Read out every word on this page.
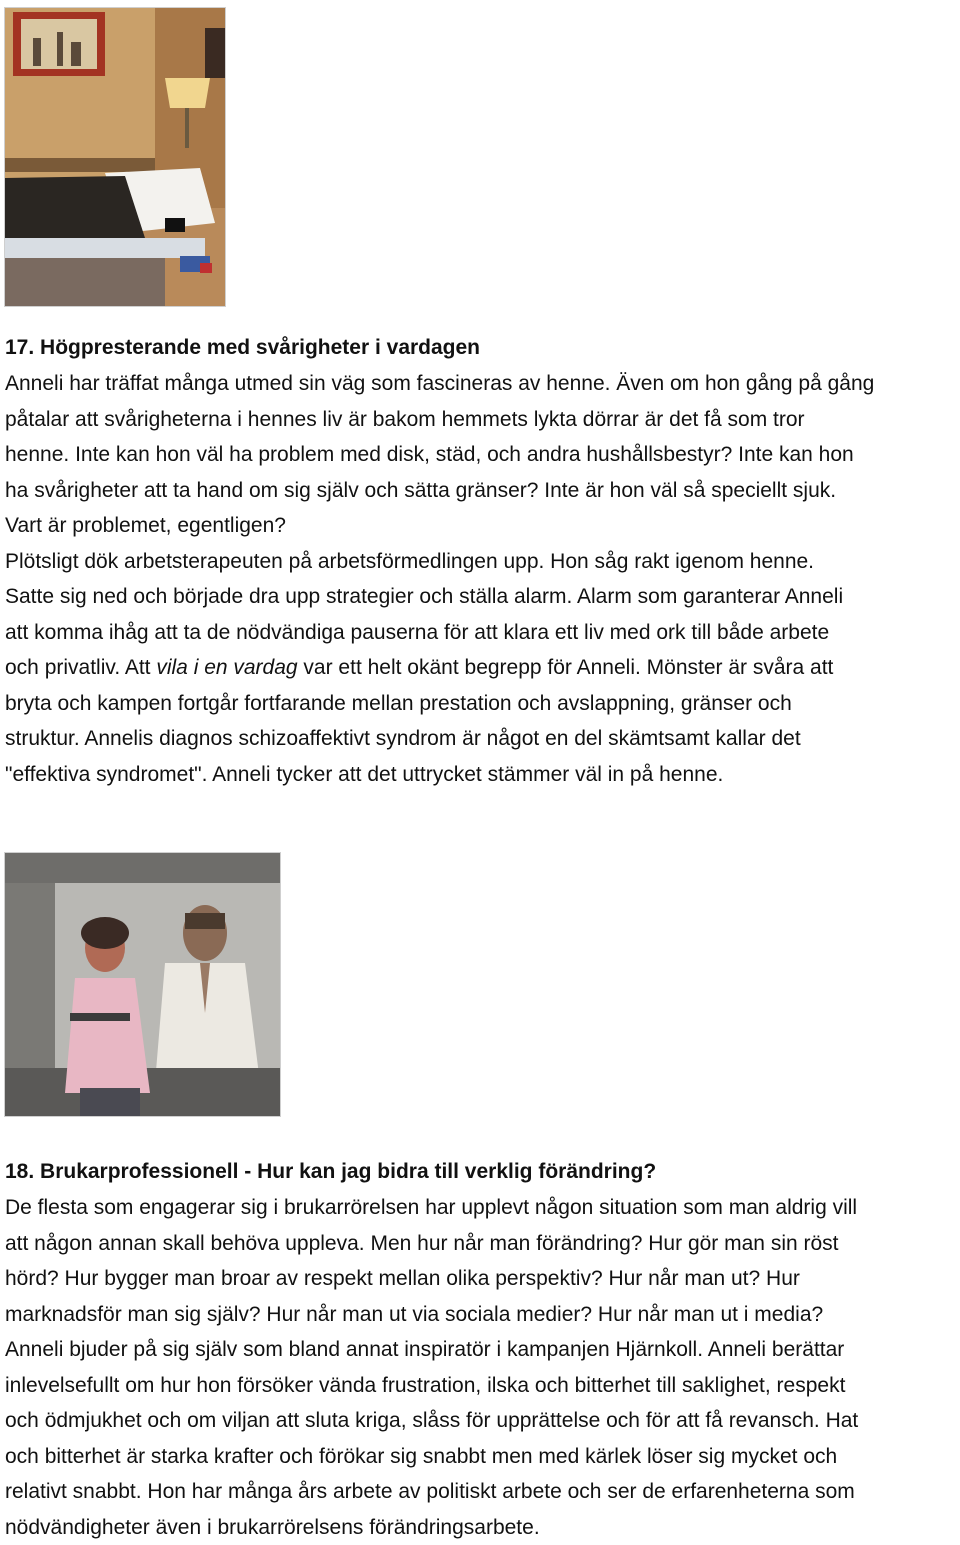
17. Högpresterande med svårigheter i vardagen

Anneli har träffat många utmed sin väg som fascineras av henne. Även om hon gång på gång
påtalar att svårigheterna i hennes liv är bakom hemmets lykta dörrar är det få som tror
henne. Inte kan hon väl ha problem med disk, städ, och andra hushållsbestyr? Inte kan hon
ha svårigheter att ta hand om sig själv och sätta gränser? Inte är hon väl så speciellt sjuk.
Vart är problemet, egentligen?
Plötsligt dök arbetsterapeuten på arbetsförmedlingen upp. Hon såg rakt igenom henne.
Satte sig ned och började dra upp strategier och ställa alarm. Alarm som garanterar Anneli
att komma ihåg att ta de nödvändiga pauserna för att klara ett liv med ork till både arbete
och privatliv. Att vila i en vardag var ett helt okänt begrepp för Anneli. Mönster är svåra att
bryta och kampen fortgår fortfarande mellan prestation och avslappning, gränser och
struktur. Annelis diagnos schizoaffektivt syndrom är något en del skämtsamt kallar det
"effektiva syndromet". Anneli tycker att det uttrycket stämmer väl in på henne.

18. Brukarprofessionell - Hur kan jag bidra till verklig förändring?

De flesta som engagerar sig i brukarrörelsen har upplevt någon situation som man aldrig vill
att någon annan skall behöva uppleva. Men hur når man förändring? Hur gör man sin röst
hörd? Hur bygger man broar av respekt mellan olika perspektiv? Hur når man ut? Hur
marknadsför man sig själv? Hur når man ut via sociala medier? Hur når man ut i media?
Anneli bjuder på sig själv som bland annat inspiratör i kampanjen Hjärnkoll. Anneli berättar
inlevelsefullt om hur hon försöker vända frustration, ilska och bitterhet till saklighet, respekt
och ödmjukhet och om viljan att sluta kriga, slåss för upprättelse och för att få revansch. Hat
och bitterhet är starka krafter och förökar sig snabbt men med kärlek löser sig mycket och
relativt snabbt. Hon har många års arbete av politiskt arbete och ser de erfarenheterna som
nödvändigheter även i brukarrörelsens förändringsarbete.
